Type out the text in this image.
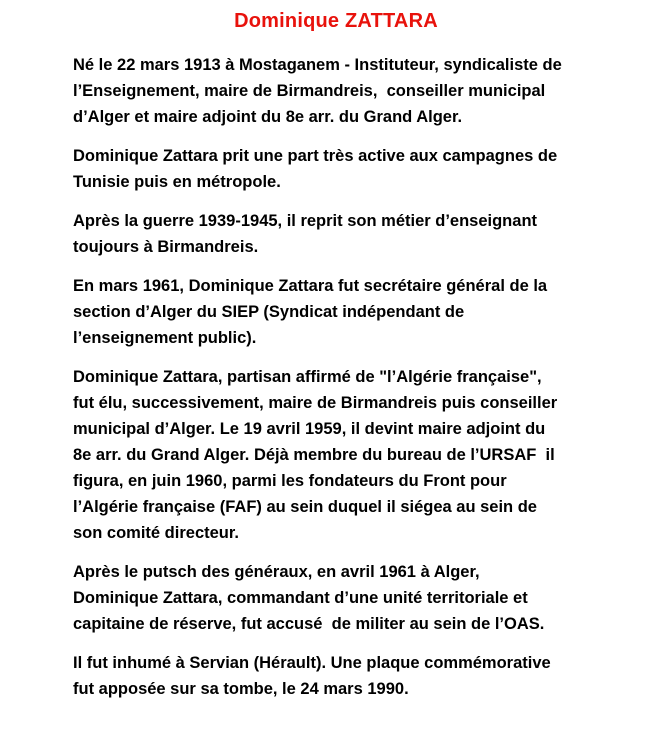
Dominique ZATTARA

Né le 22 mars 1913 à Mostaganem - Instituteur, syndicaliste de
l’Enseignement, maire de Birmandreis,  conseiller municipal
d’Alger et maire adjoint du 8e arr. du Grand Alger.

Dominique Zattara prit une part très active aux campagnes de
Tunisie puis en métropole.

Après la guerre 1939-1945, il reprit son métier d’enseignant
toujours à Birmandreis.

En mars 1961, Dominique Zattara fut secrétaire général de la
section d’Alger du SIEP (Syndicat indépendant de
l’enseignement public).

Dominique Zattara, partisan affirmé de "l’Algérie française",
fut élu, successivement, maire de Birmandreis puis conseiller
municipal d’Alger. Le 19 avril 1959, il devint maire adjoint du
8e arr. du Grand Alger. Déjà membre du bureau de l’URSAF  il
figura, en juin 1960, parmi les fondateurs du Front pour
l’Algérie française (FAF) au sein duquel il siégea au sein de
son comité directeur.

Après le putsch des généraux, en avril 1961 à Alger,
Dominique Zattara, commandant d’une unité territoriale et
capitaine de réserve, fut accusé  de militer au sein de l’OAS.

Il fut inhumé à Servian (Hérault). Une plaque commémorative
fut apposée sur sa tombe, le 24 mars 1990.
